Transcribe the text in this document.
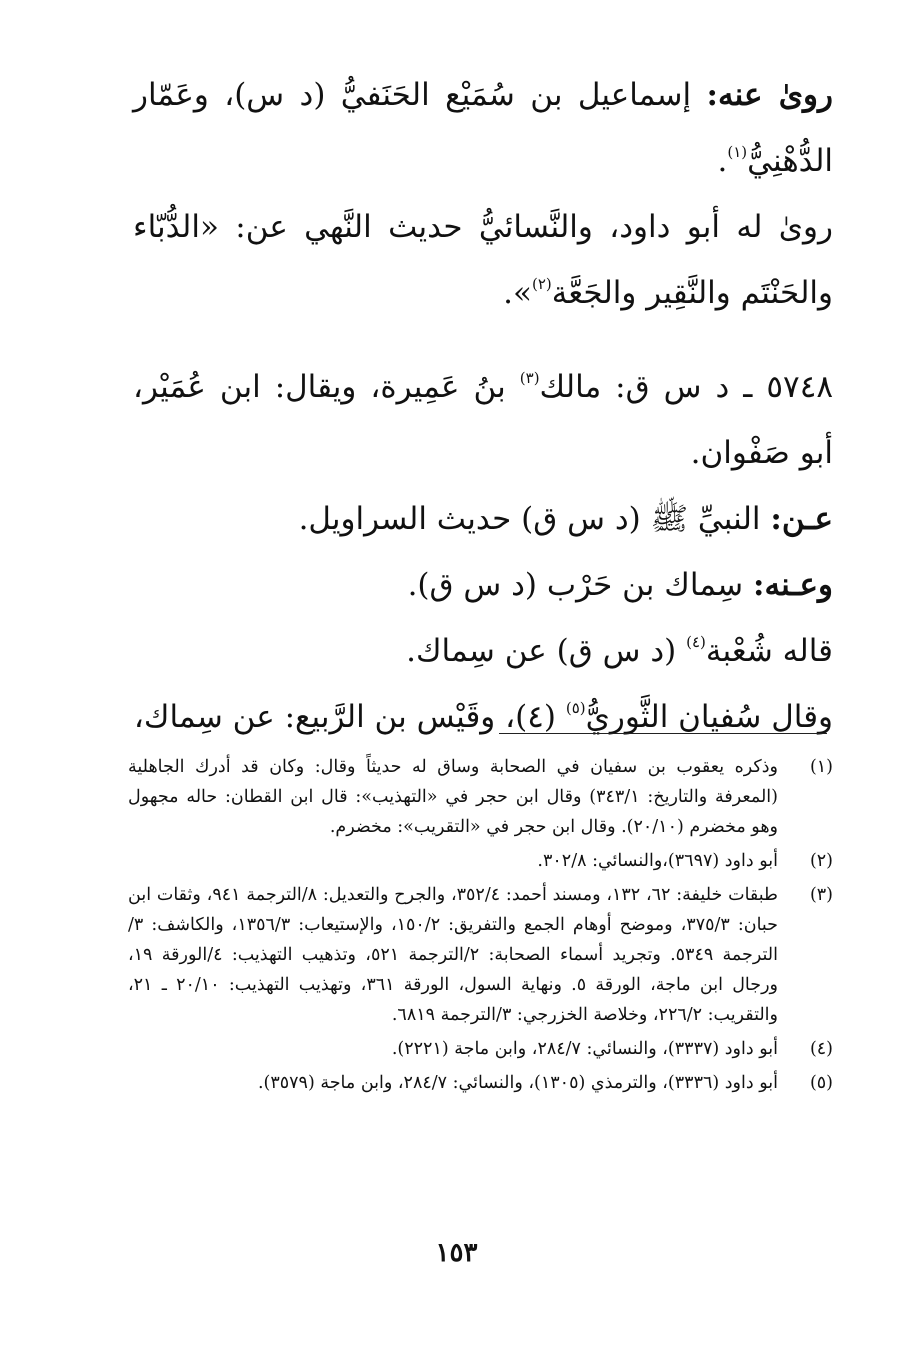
روىٰ عنه: إسماعيل بن سُمَيْع الحَنَفيُّ (د س)، وعَمّار الدُّهْنِيُّ$^{(١)}$.

روىٰ له أبو داود، والنَّسائيُّ حديث النَّهي عن: «الدُّبّاء والحَنْتَم والنَّقِير والجَعَّة$^{(٢)}$».

٥٧٤٨ ـ د س ق: مالك$^{(٣)}$ بنُ عَمِيرة، ويقال: ابن عُمَيْر، أبو صَفْوان.

عـن: النبيِّ ﷺ (د س ق) حديث السراويل.

وعـنه: سِماك بن حَرْب (د س ق).

قاله شُعْبة$^{(٤)}$ (د س ق) عن سِماك.

وقال سُفيان الثَّوريُّ$^{(٥)}$ (٤)، وقَيْس بن الرَّبيع: عن سِماك،

(١)
وذكره يعقوب بن سفيان في الصحابة وساق له حديثاً وقال: وكان قد أدرك الجاهلية (المعرفة والتاريخ: ٣٤٣/١) وقال ابن حجر في «التهذيب»: قال ابن القطان: حاله مجهول وهو مخضرم (٢٠/١٠). وقال ابن حجر في «التقريب»: مخضرم.
(٢)
أبو داود (٣٦٩٧)،والنسائي: ٣٠٢/٨.
(٣)
طبقات خليفة: ٦٢، ١٣٢، ومسند أحمد: ٣٥٢/٤، والجرح والتعديل: ٨/الترجمة ٩٤١، وثقات ابن حبان: ٣٧٥/٣، وموضح أوهام الجمع والتفريق: ١٥٠/٢، والإستيعاب: ١٣٥٦/٣، والكاشف: ٣/الترجمة ٥٣٤٩. وتجريد أسماء الصحابة: ٢/الترجمة ٥٢١، وتذهيب التهذيب: ٤/الورقة ١٩، ورجال ابن ماجة، الورقة ٥. ونهاية السول، الورقة ٣٦١، وتهذيب التهذيب: ٢٠/١٠ ـ ٢١، والتقريب: ٢٢٦/٢، وخلاصة الخزرجي: ٣/الترجمة ٦٨١٩.
(٤)
أبو داود (٣٣٣٧)، والنسائي: ٢٨٤/٧، وابن ماجة (٢٢٢١).
(٥)
أبو داود (٣٣٣٦)، والترمذي (١٣٠٥)، والنسائي: ٢٨٤/٧، وابن ماجة (٣٥٧٩).
١٥٣
